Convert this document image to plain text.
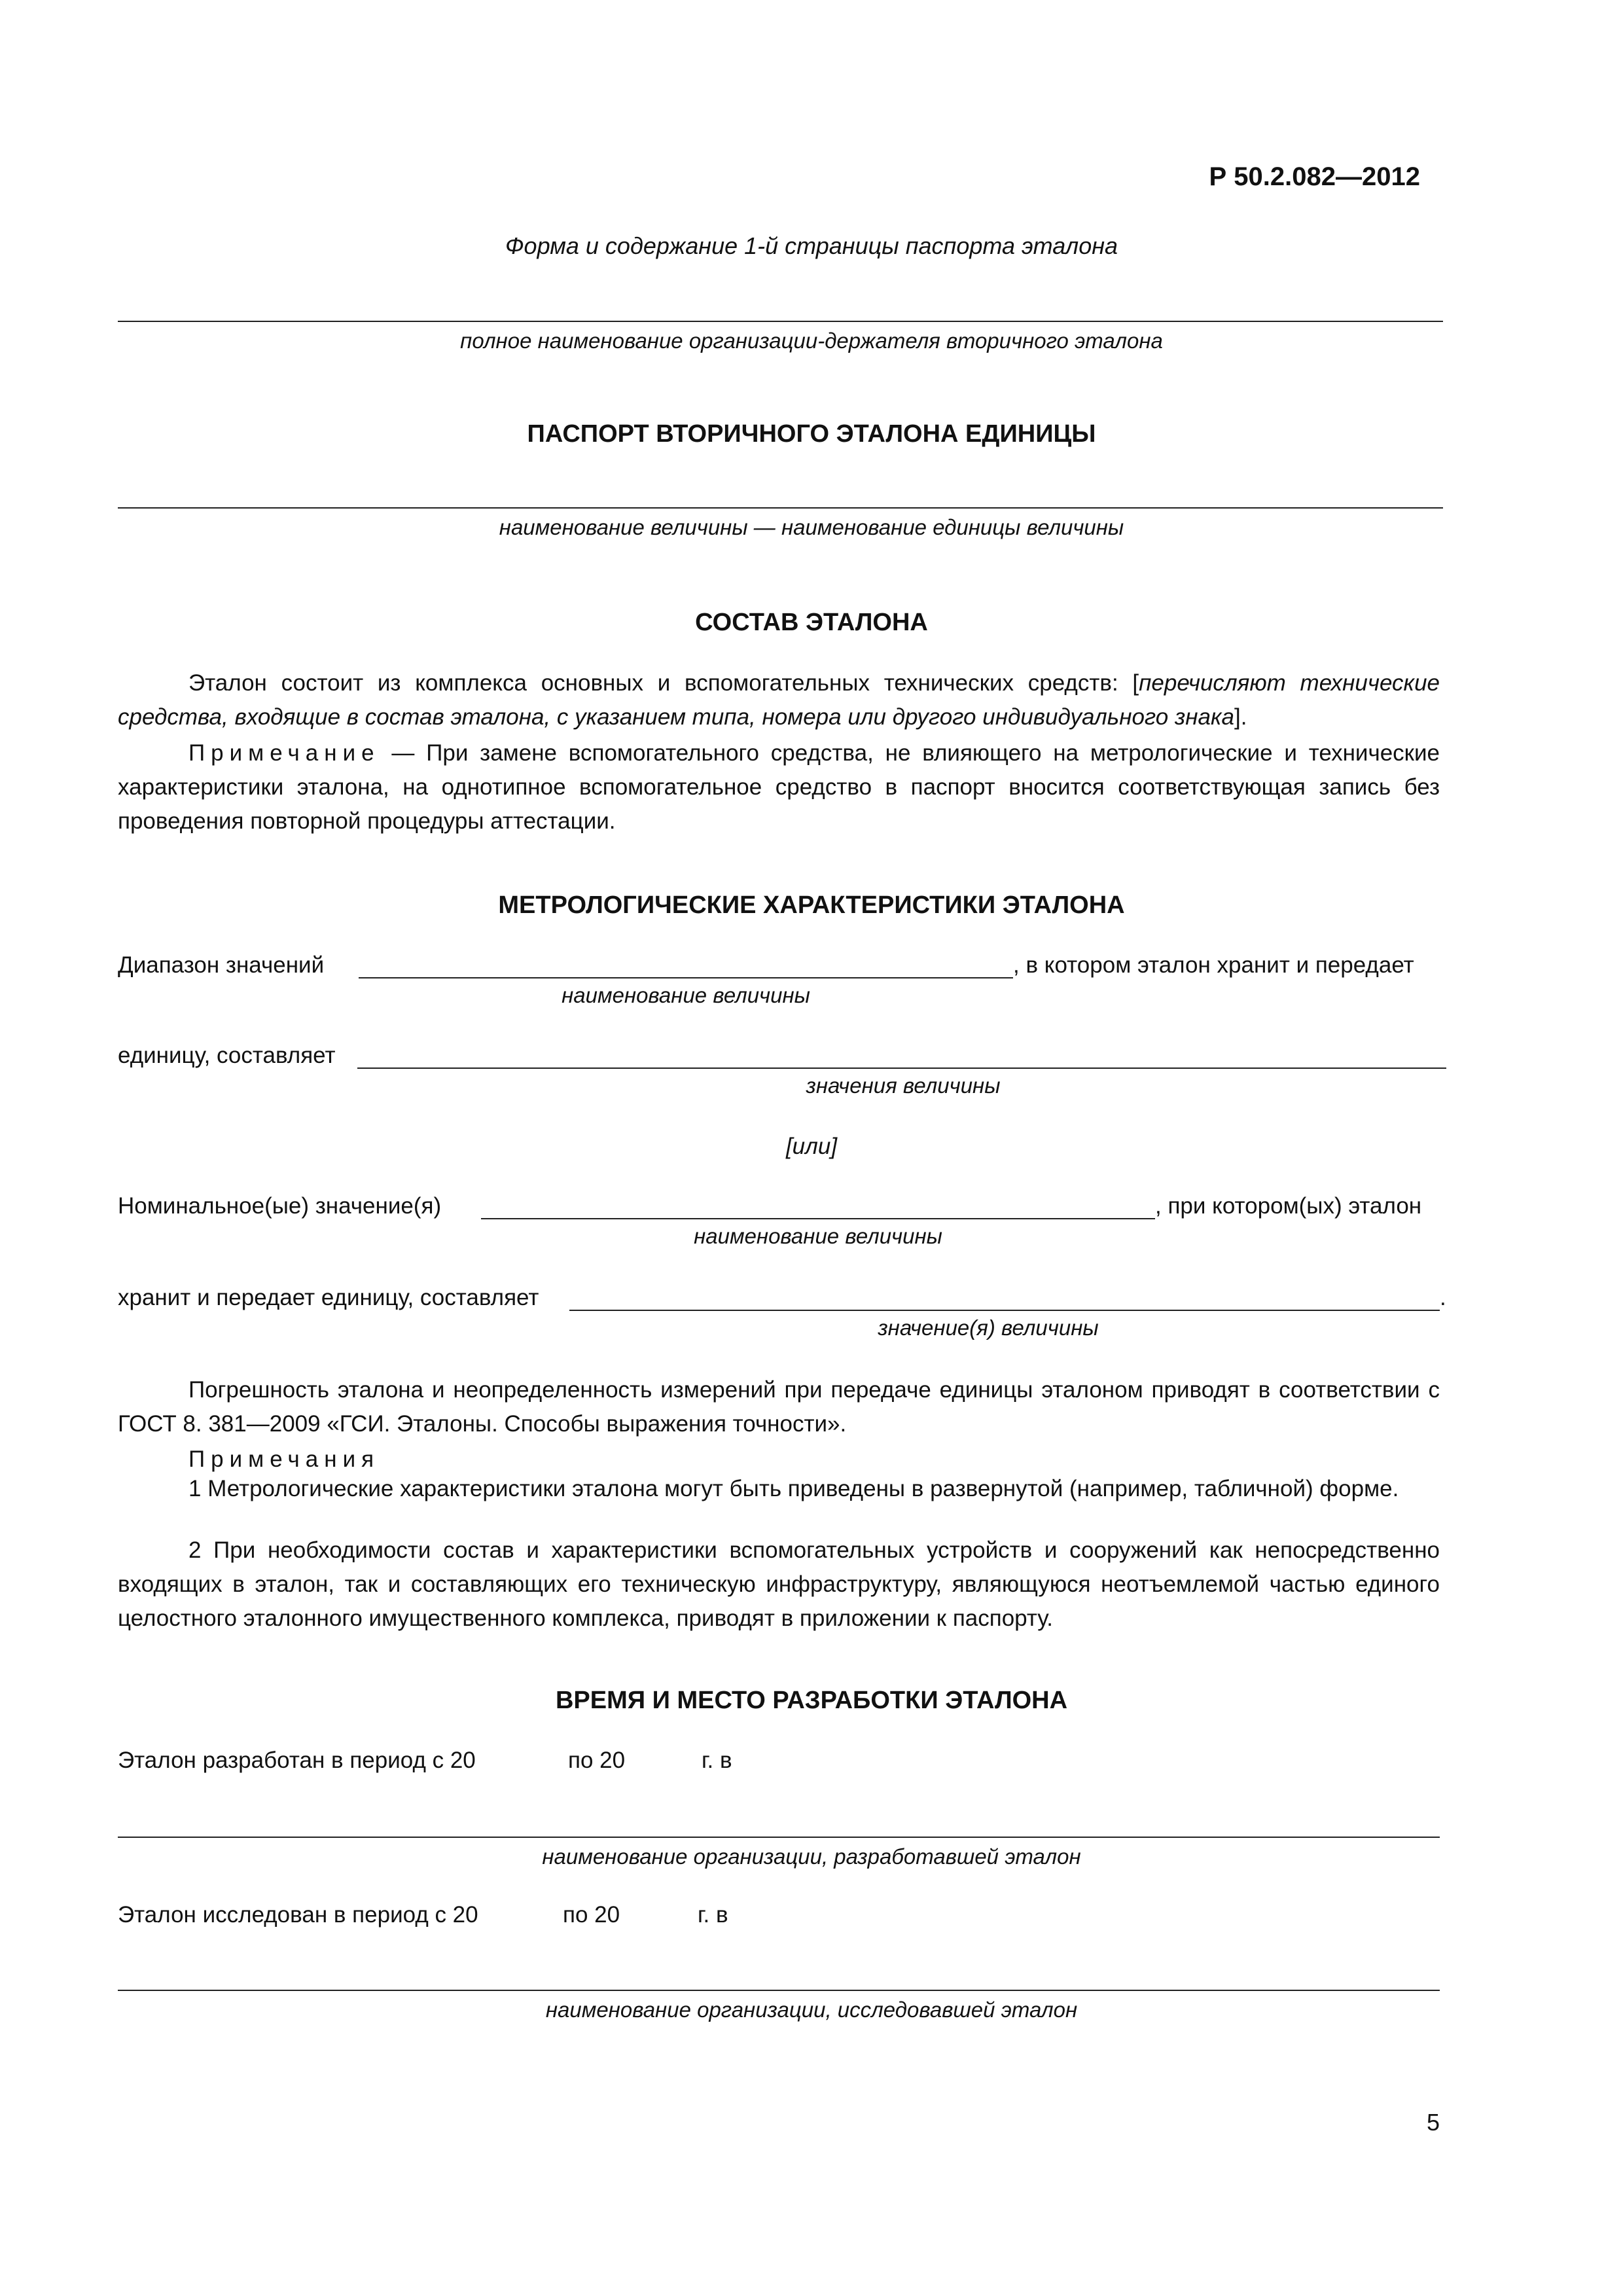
Р 50.2.082—2012
Форма и содержание 1-й страницы паспорта эталона
полное наименование организации-держателя вторичного эталона
ПАСПОРТ ВТОРИЧНОГО ЭТАЛОНА ЕДИНИЦЫ
наименование величины — наименование единицы величины
СОСТАВ ЭТАЛОНА
Эталон состоит из комплекса основных и вспомогательных технических средств: [перечисляют технические средства, входящие в состав эталона, с указанием типа, номера или другого индивидуального знака].
Примечание — При замене вспомогательного средства, не влияющего на метрологические и технические характеристики эталона, на однотипное вспомогательное средство в паспорт вносится соответствующая запись без проведения повторной процедуры аттестации.
МЕТРОЛОГИЧЕСКИЕ ХАРАКТЕРИСТИКИ ЭТАЛОНА
Диапазон значений	, в котором эталон хранит и передает
наименование величины
единицу, составляет
значения величины
[или]
Номинальное(ые) значение(я)	, при котором(ых) эталон
наименование величины
хранит и передает единицу, составляет	.
значение(я) величины
Погрешность эталона и неопределенность измерений при передаче единицы эталоном приводят в соответствии с ГОСТ 8. 381—2009 «ГСИ. Эталоны. Способы выражения точности».
Примечания
1 Метрологические характеристики эталона могут быть приведены в развернутой (например, табличной) форме.
2 При необходимости состав и характеристики вспомогательных устройств и сооружений как непосредственно входящих в эталон, так и составляющих его техническую инфраструктуру, являющуюся неотъемлемой частью единого целостного эталонного имущественного комплекса, приводят в приложении к паспорту.
ВРЕМЯ И МЕСТО РАЗРАБОТКИ ЭТАЛОНА
Эталон разработан в период с 20	по 20	г. в
наименование организации, разработавшей эталон
Эталон исследован в период с 20	по 20	г. в
наименование организации, исследовавшей эталон
5
